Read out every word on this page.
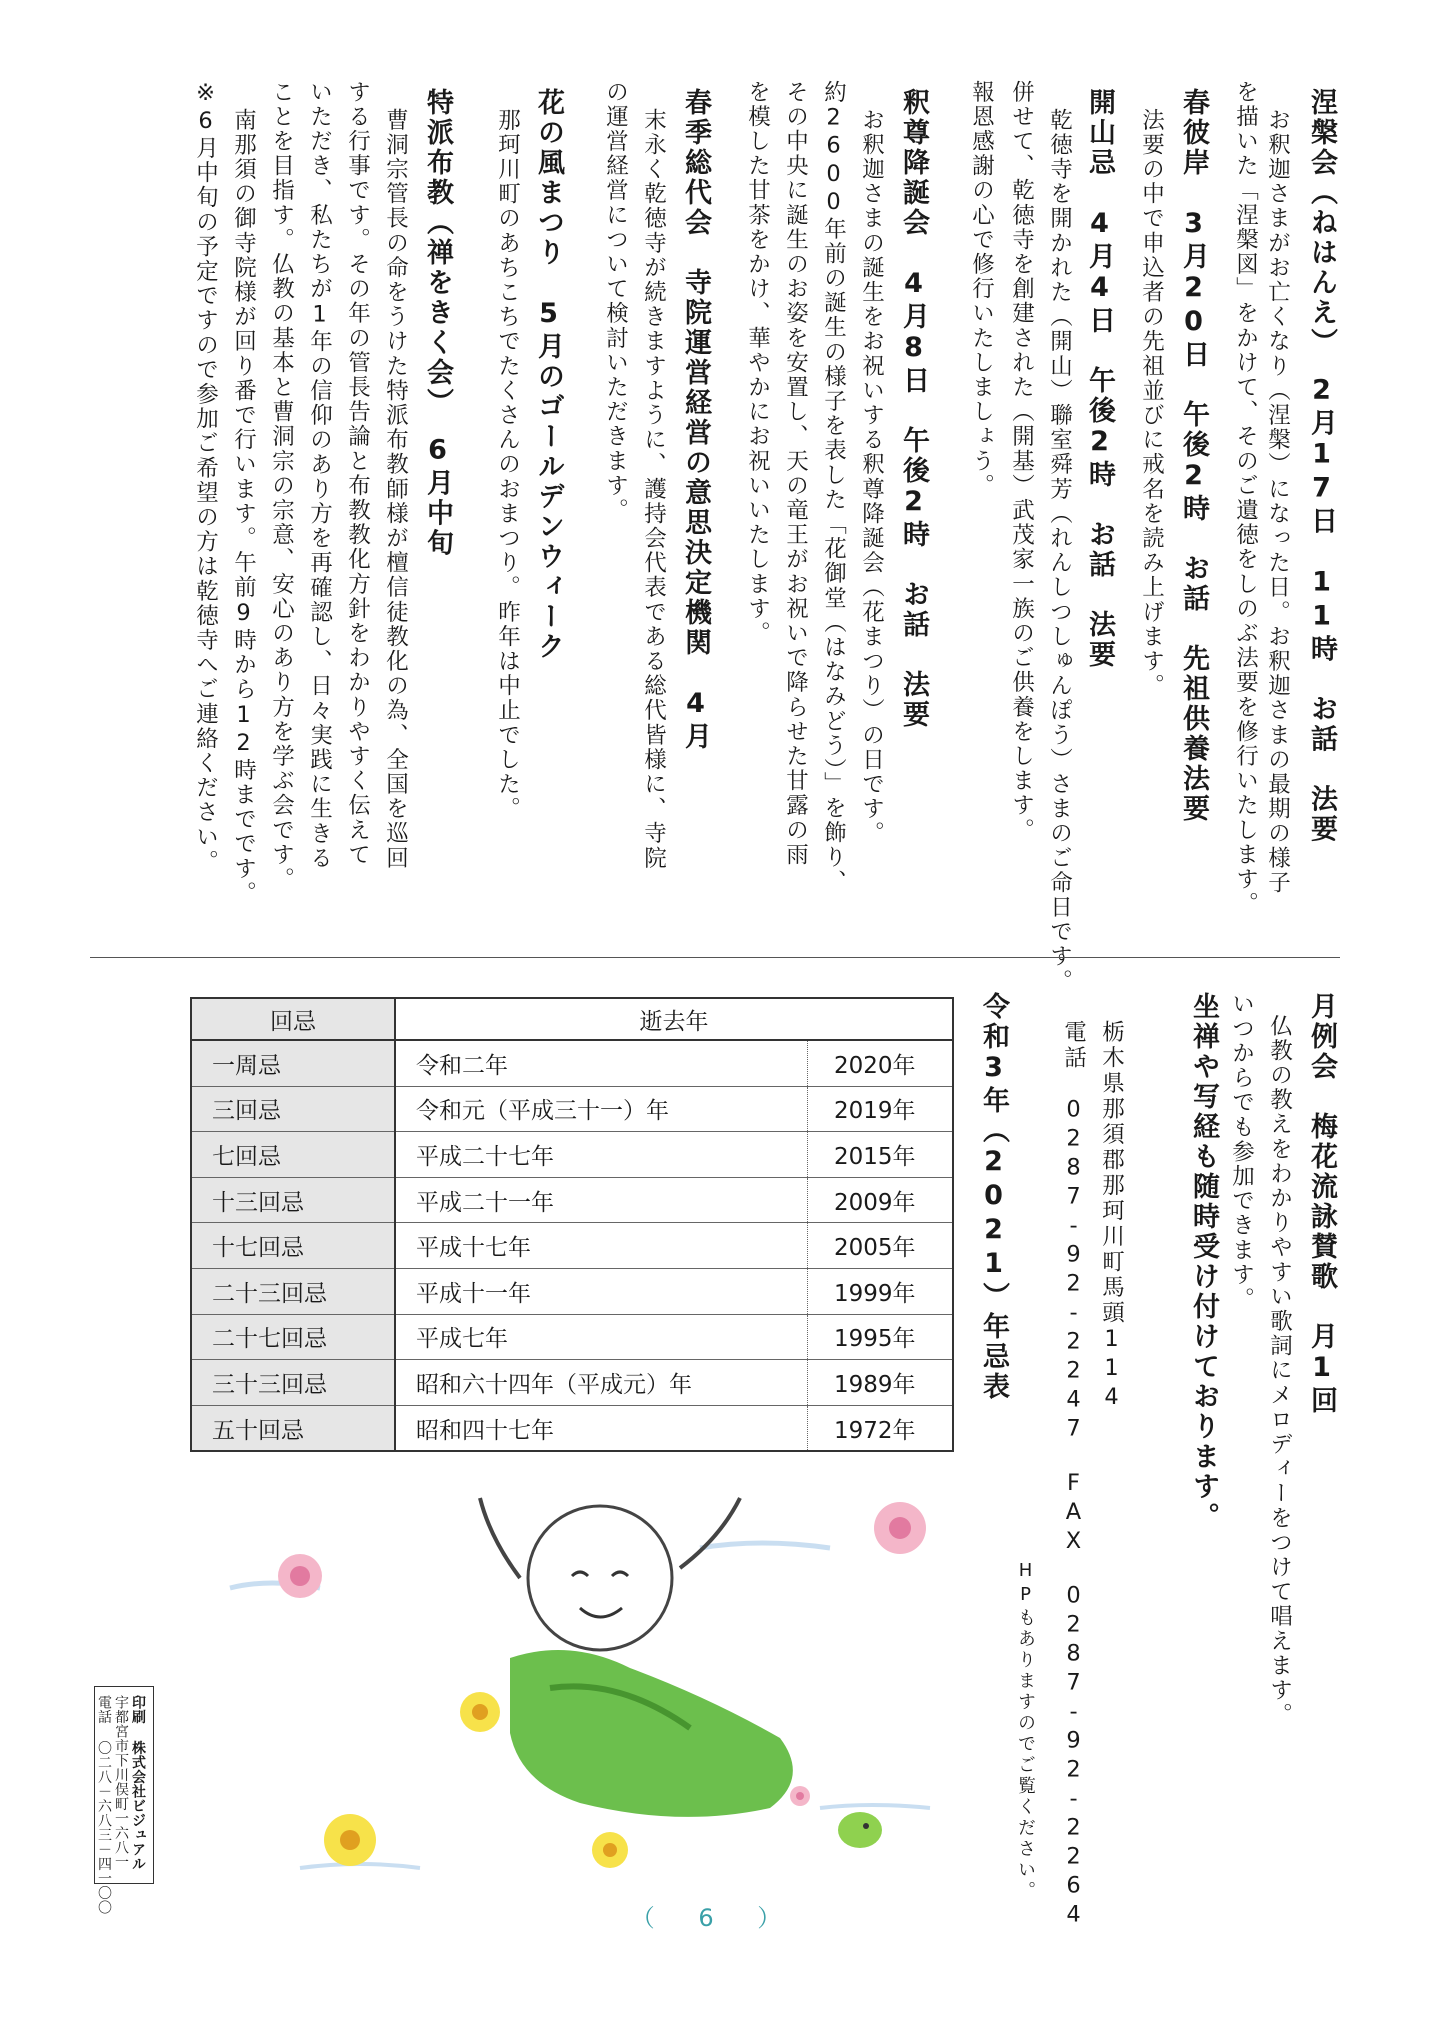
涅槃会（ねはんえ）　2月17日　11時　お話　法要
お釈迦さまがお亡くなり（涅槃）になった日。お釈迦さまの最期の様子
を描いた「涅槃図」をかけて、そのご遺徳をしのぶ法要を修行いたします。
春彼岸　3月20日　午後2時　お話　先祖供養法要
法要の中で申込者の先祖並びに戒名を読み上げます。
開山忌　4月4日　午後2時　お話　法要
乾徳寺を開かれた（開山）聯室舜芳（れんしつしゅんぽう）さまのご命日です。
併せて、乾徳寺を創建された（開基）武茂家一族のご供養をします。
報恩感謝の心で修行いたしましょう。
釈尊降誕会　4月8日　午後2時　お話　法要
お釈迦さまの誕生をお祝いする釈尊降誕会（花まつり）の日です。
約2600年前の誕生の様子を表した「花御堂（はなみどう）」を飾り、
その中央に誕生のお姿を安置し、天の竜王がお祝いで降らせた甘露の雨
を模した甘茶をかけ、華やかにお祝いいたします。
春季総代会　寺院運営経営の意思決定機関　4月
末永く乾徳寺が続きますように、護持会代表である総代皆様に、寺院
の運営経営について検討いただきます。
花の風まつり　5月のゴールデンウィーク
那珂川町のあちこちでたくさんのおまつり。昨年は中止でした。
特派布教（禅をきく会）　6月中旬
曹洞宗管長の命をうけた特派布教師様が檀信徒教化の為、全国を巡回
する行事です。その年の管長告論と布教教化方針をわかりやすく伝えて
いただき、私たちが1年の信仰のあり方を再確認し、日々実践に生きる
ことを目指す。仏教の基本と曹洞宗の宗意、安心のあり方を学ぶ会です。
南那須の御寺院様が回り番で行います。午前9時から12時までです。
※6月中旬の予定ですので参加ご希望の方は乾徳寺へご連絡ください。
月例会　梅花流詠賛歌　月1回
仏教の教えをわかりやすい歌詞にメロディーをつけて唱えます。
いつからでも参加できます。
坐禅や写経も随時受け付けております。
栃木県那須郡那珂川町馬頭114
電話　0287-92-2247　FAX　0287-92-2264
HPもありますのでご覧ください。
令和3年（2021）年忌表
回忌	逝去年	
一周忌	令和二年	2020年
三回忌	令和元（平成三十一）年	2019年
七回忌	平成二十七年	2015年
十三回忌	平成二十一年	2009年
十七回忌	平成十七年	2005年
二十三回忌	平成十一年	1999年
二十七回忌	平成七年	1995年
三十三回忌	昭和六十四年（平成元）年	1989年
五十回忌	昭和四十七年	1972年
印刷 株式会社ビジュアル
宇都宮市下川俣町一六八一
電話 〇二八－六八三－四一〇〇
（ 6 ）
